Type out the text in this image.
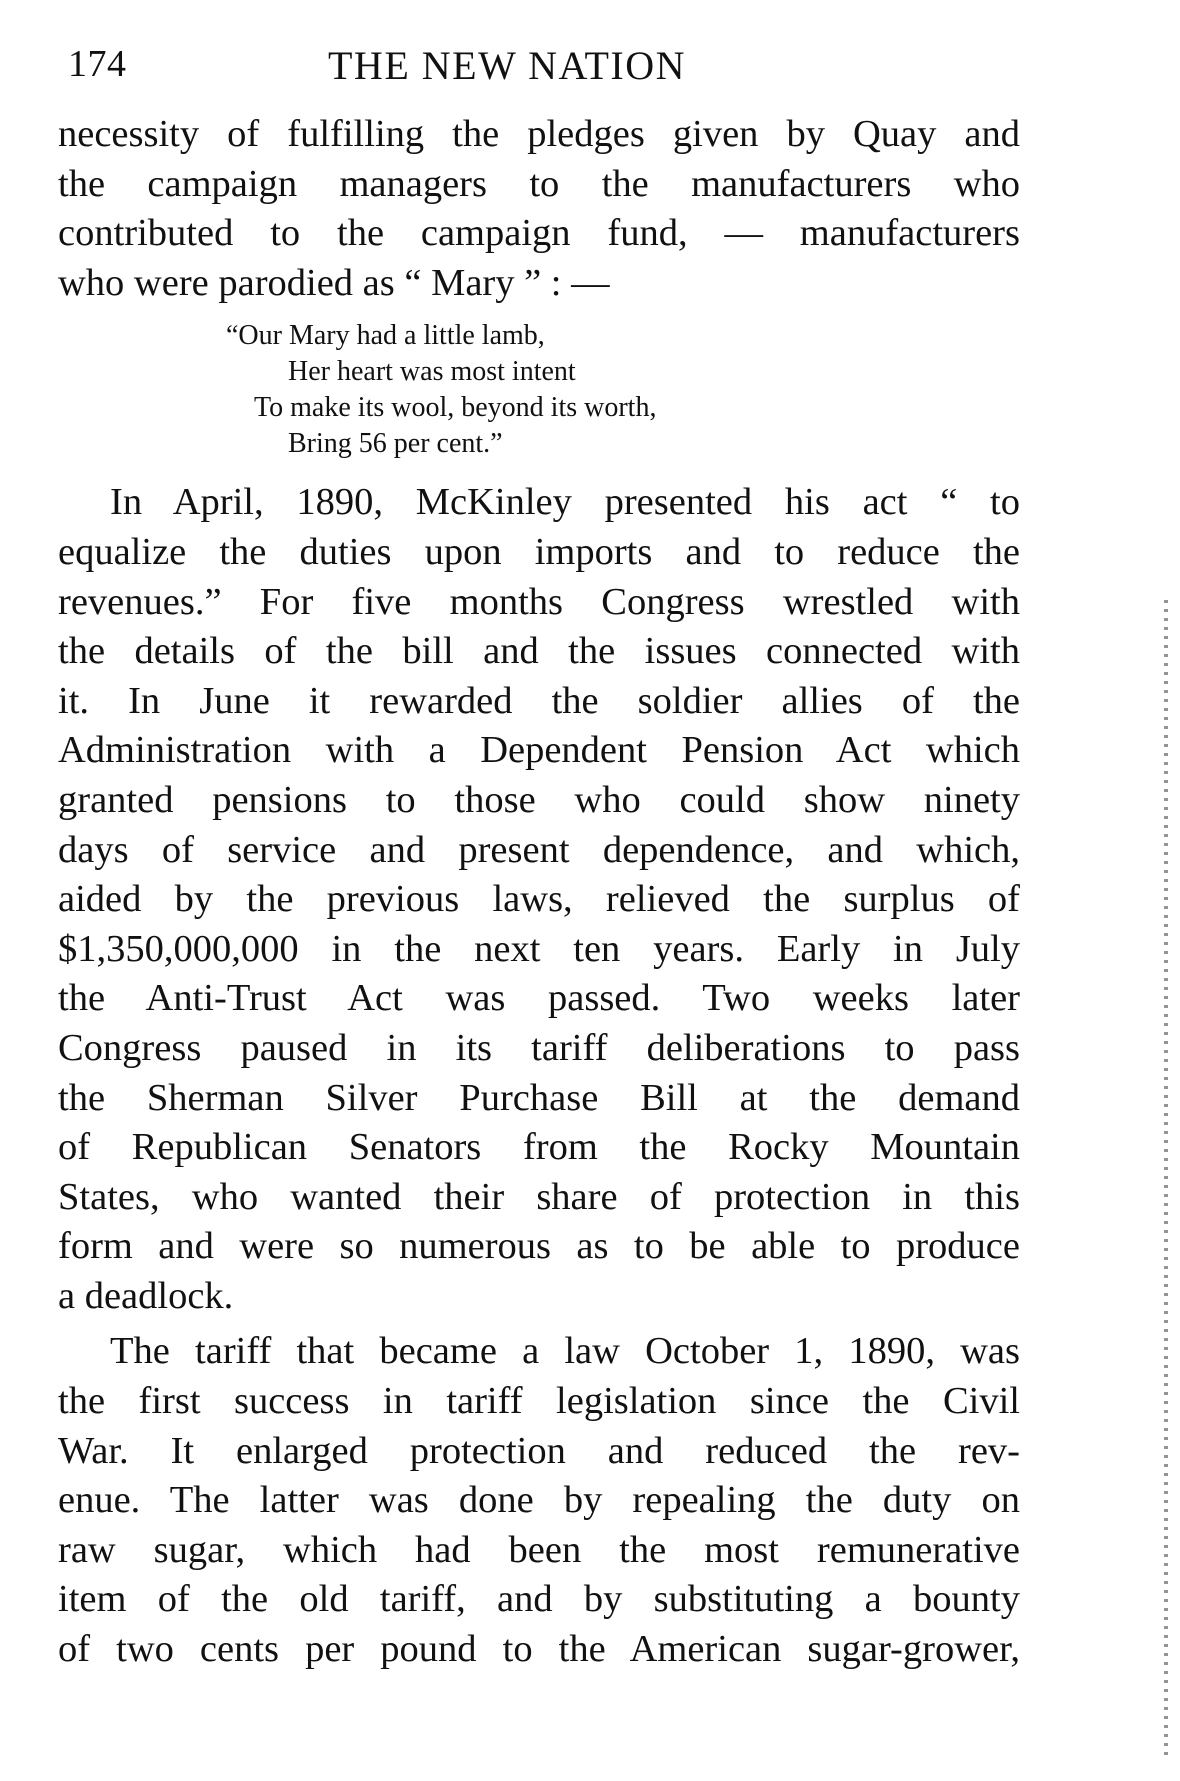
174	THE NEW NATION
necessity of fulfilling the pledges given by Quay and
the campaign managers to the manufacturers who
contributed to the campaign fund, — manufacturers
who were parodied as “ Mary ” : —
“Our Mary had a little lamb,
Her heart was most intent
To make its wool, beyond its worth,
Bring 56 per cent.”
In April, 1890, McKinley presented his act “ to
equalize the duties upon imports and to reduce the
revenues.” For five months Congress wrestled with
the details of the bill and the issues connected with
it. In June it rewarded the soldier allies of the
Administration with a Dependent Pension Act which
granted pensions to those who could show ninety
days of service and present dependence, and which,
aided by the previous laws, relieved the surplus of
$1,350,000,000 in the next ten years. Early in July
the Anti-Trust Act was passed. Two weeks later
Congress paused in its tariff deliberations to pass
the Sherman Silver Purchase Bill at the demand
of Republican Senators from the Rocky Mountain
States, who wanted their share of protection in this
form and were so numerous as to be able to produce
a deadlock.
The tariff that became a law October 1, 1890, was
the first success in tariff legislation since the Civil
War. It enlarged protection and reduced the rev-
enue. The latter was done by repealing the duty on
raw sugar, which had been the most remunerative
item of the old tariff, and by substituting a bounty
of two cents per pound to the American sugar-grower,
